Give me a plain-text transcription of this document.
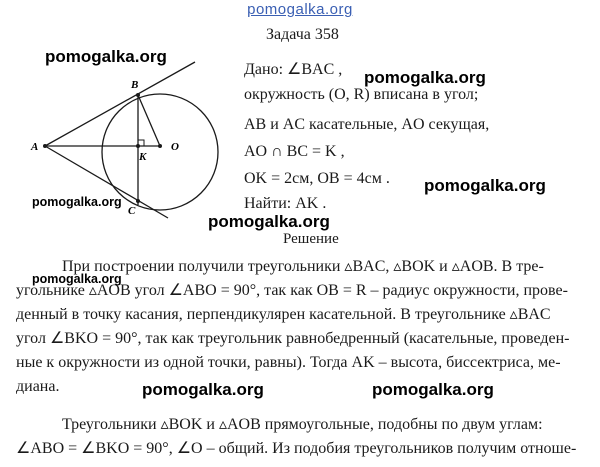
pomogalka.org
A
B
C
O
K
pomogalka.org
pomogalka.org
pomogalka.org
pomogalka.org
pomogalka.org
pomogalka.org
pomogalka.org	pomogalka.org
Задача 358
Дано: ∠BAC ,
окружность (O, R) вписана в угол;
AB и AC касательные, AO секущая,
AO ∩ BC = K ,
OK = 2см, OB = 4см .
Найти: AK .
Решение
При построении получили треугольники ▵BAC, ▵BOK и ▵AOB. В тре-
угольнике ▵AOB угол ∠ABO = 90°, так как OB = R – радиус окружности, прове-
денный в точку касания, перпендикулярен касательной. В треугольнике ▵BAC
угол ∠BKO = 90°, так как треугольник равнобедренный (касательные, проведен-
ные к окружности из одной точки, равны). Тогда AK – высота, биссектриса, ме-
диана.
Треугольники ▵BOK и ▵AOB прямоугольные, подобны по двум углам:
∠ABO = ∠BKO = 90°, ∠O – общий. Из подобия треугольников получим отноше-
